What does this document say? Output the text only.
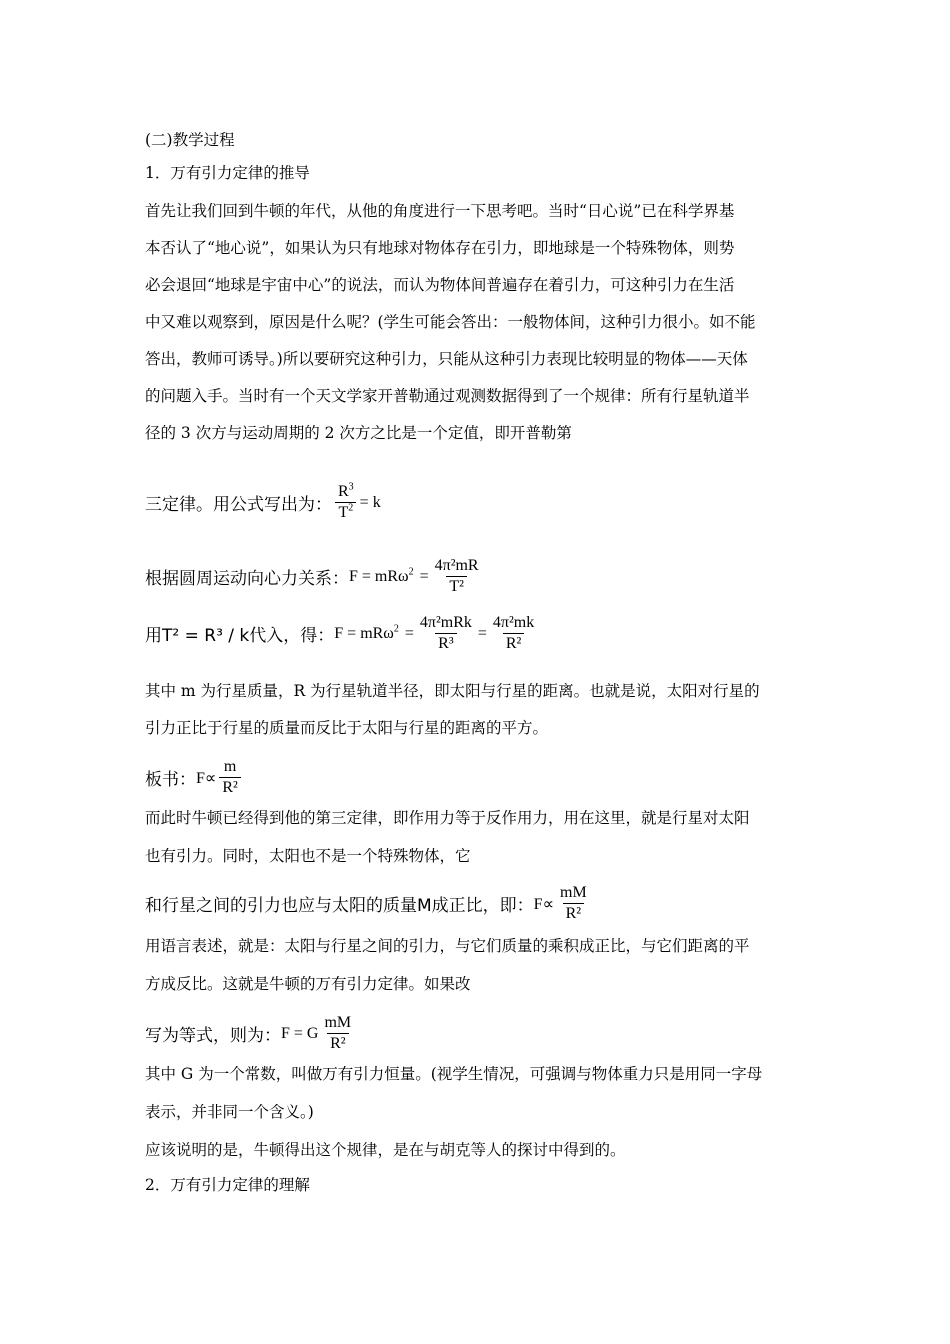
(二)教学过程
1．万有引力定律的推导
首先让我们回到牛顿的年代，从他的角度进行一下思考吧。当时“日心说”已在科学界基
本否认了“地心说”，如果认为只有地球对物体存在引力，即地球是一个特殊物体，则势
必会退回“地球是宇宙中心”的说法，而认为物体间普遍存在着引力，可这种引力在生活
中又难以观察到，原因是什么呢？(学生可能会答出：一般物体间，这种引力很小。如不能
答出，教师可诱导。)所以要研究这种引力，只能从这种引力表现比较明显的物体——天体
的问题入手。当时有一个天文学家开普勒通过观测数据得到了一个规律：所有行星轨道半
径的 3 次方与运动周期的 2 次方之比是一个定值，即开普勒第
三定律。用公式写出为： $\frac{R^3}{T^2} = k$
根据圆周运动向心力关系： $F = mR\omega^2 = \frac{\text{4π²mR}}{\text{T²}}$
用T² = R³ / k代入，得： $F = mR\omega^2 = \frac{\text{4π²mRk}}{\text{R³}} = \frac{\text{4π²mk}}{\text{R²}}$
其中 m 为行星质量，R 为行星轨道半径，即太阳与行星的距离。也就是说，太阳对行星的
引力正比于行星的质量而反比于太阳与行星的距离的平方。
板书： $F\propto \frac{m}{\text{R²}}$
而此时牛顿已经得到他的第三定律，即作用力等于反作用力，用在这里，就是行星对太阳
也有引力。同时，太阳也不是一个特殊物体，它
和行星之间的引力也应与太阳的质量M成正比，即： $F\propto \frac{mM}{\text{R²}}$
用语言表述，就是：太阳与行星之间的引力，与它们质量的乘积成正比，与它们距离的平
方成反比。这就是牛顿的万有引力定律。如果改
写为等式，则为： F = G $\frac{mM}{\text{R²}}$
其中 G 为一个常数，叫做万有引力恒量。(视学生情况，可强调与物体重力只是用同一字母
表示，并非同一个含义。)
应该说明的是，牛顿得出这个规律，是在与胡克等人的探讨中得到的。
2．万有引力定律的理解
